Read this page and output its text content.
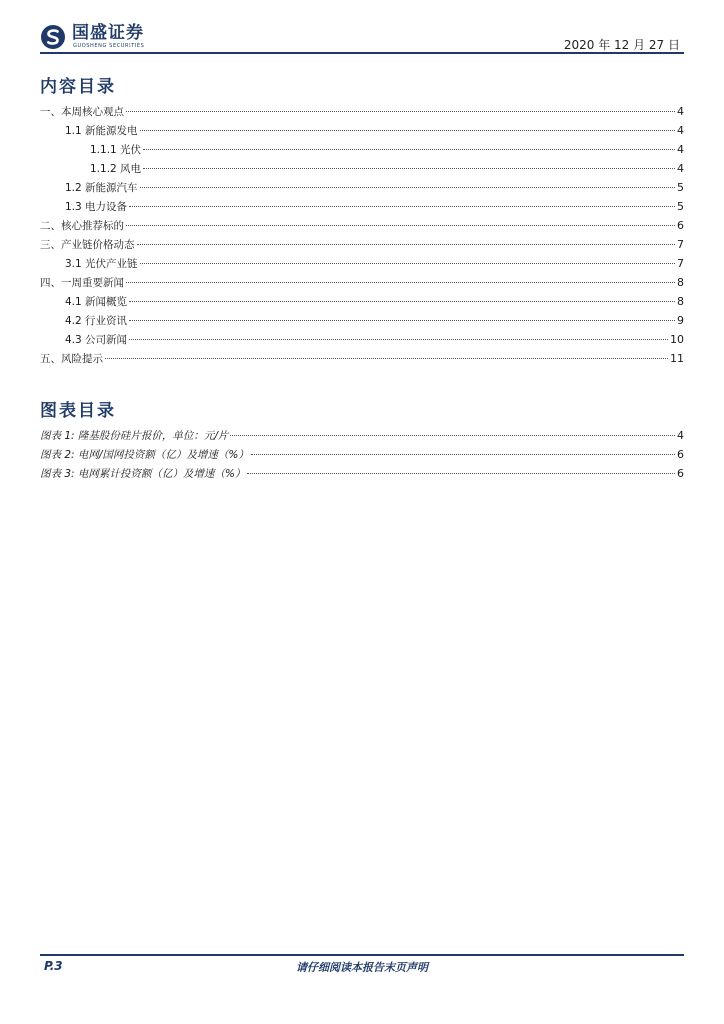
国盛证券
GUOSHENG SECURITIES	2020 年 12 月 27 日
内容目录
一、本周核心观点	4
1.1 新能源发电	4
1.1.1 光伏	4
1.1.2 风电	4
1.2 新能源汽车	5
1.3 电力设备	5
二、核心推荐标的	6
三、产业链价格动态	7
3.1 光伏产业链	7
四、一周重要新闻	8
4.1 新闻概览	8
4.2 行业资讯	9
4.3 公司新闻	10
五、风险提示	11
图表目录
图表 1: 隆基股份硅片报价，单位：元/片	4
图表 2: 电网/国网投资额（亿）及增速（%）	6
图表 3: 电网累计投资额（亿）及增速（%）	6
P.3	请仔细阅读本报告末页声明
